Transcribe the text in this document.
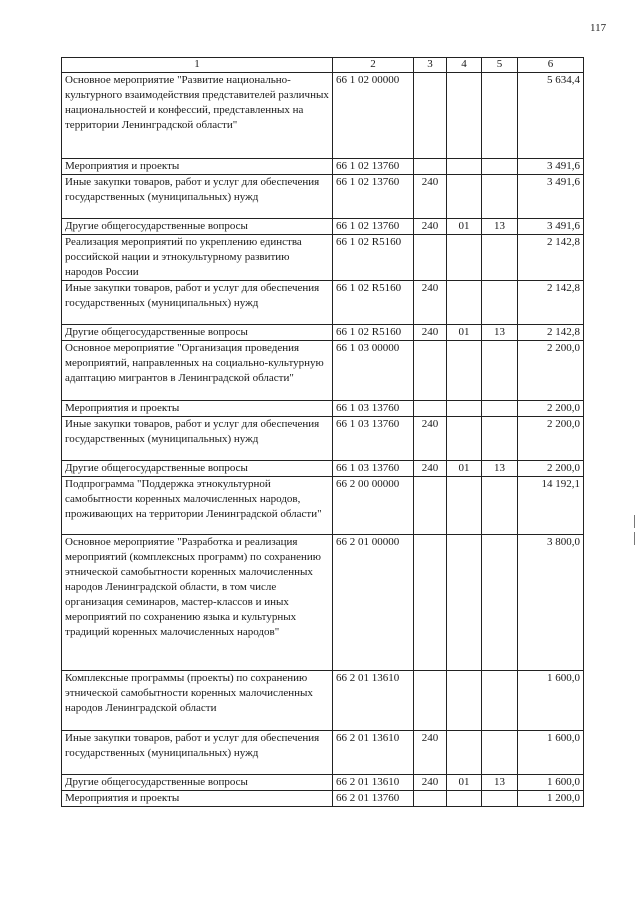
117
1	2	3	4	5	6
Основное мероприятие "Развитие национально-культурного взаимодействия представителей различных национальностей и конфессий, представленных на территории Ленинградской области"	66 1 02 00000				5 634,4
Мероприятия и проекты	66 1 02 13760				3 491,6
Иные закупки товаров, работ и услуг для обеспечения государственных (муниципальных) нужд	66 1 02 13760	240			3 491,6
Другие общегосударственные вопросы	66 1 02 13760	240	01	13	3 491,6
Реализация мероприятий по укреплению единства российской нации и этнокультурному развитию народов России	66 1 02 R5160				2 142,8
Иные закупки товаров, работ и услуг для обеспечения государственных (муниципальных) нужд	66 1 02 R5160	240			2 142,8
Другие общегосударственные вопросы	66 1 02 R5160	240	01	13	2 142,8
Основное мероприятие "Организация проведения мероприятий, направленных на социально-культурную адаптацию мигрантов в Ленинградской области"	66 1 03 00000				2 200,0
Мероприятия и проекты	66 1 03 13760				2 200,0
Иные закупки товаров, работ и услуг для обеспечения государственных (муниципальных) нужд	66 1 03 13760	240			2 200,0
Другие общегосударственные вопросы	66 1 03 13760	240	01	13	2 200,0
Подпрограмма "Поддержка этнокультурной самобытности коренных малочисленных народов, проживающих на территории Ленинградской области"	66 2 00 00000				14 192,1
Основное мероприятие "Разработка и реализация мероприятий (комплексных программ) по сохранению этнической самобытности коренных малочисленных народов Ленинградской области, в том числе организация семинаров, мастер-классов и иных мероприятий по сохранению языка и культурных традиций коренных малочисленных народов"	66 2 01 00000				3 800,0
Комплексные программы (проекты) по сохранению этнической самобытности коренных малочисленных народов Ленинградской области	66 2 01 13610				1 600,0
Иные закупки товаров, работ и услуг для обеспечения государственных (муниципальных) нужд	66 2 01 13610	240			1 600,0
Другие общегосударственные вопросы	66 2 01 13610	240	01	13	1 600,0
Мероприятия и проекты	66 2 01 13760				1 200,0
